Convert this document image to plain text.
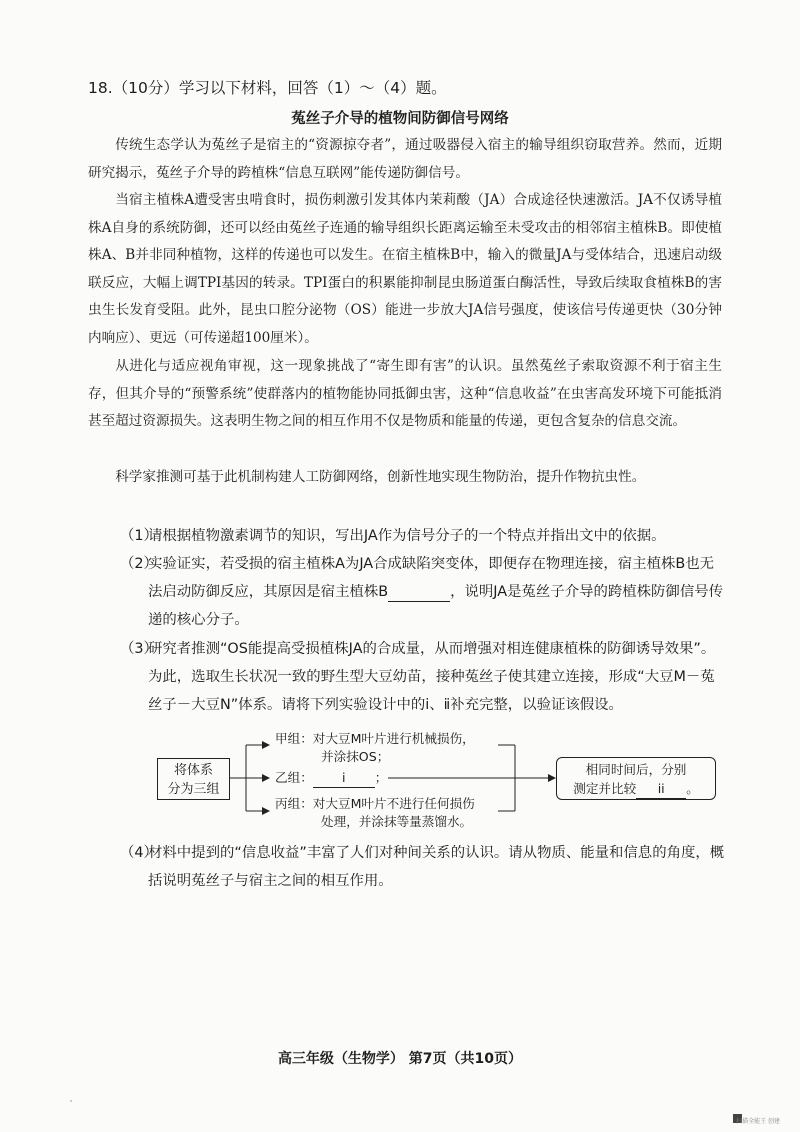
18.（10分）学习以下材料，回答（1）～（4）题。
菟丝子介导的植物间防御信号网络

传统生态学认为菟丝子是宿主的“资源掠夺者”，通过吸器侵入宿主的输导组织窃取营养。然而，近期研究揭示，菟丝子介导的跨植株“信息互联网”能传递防御信号。

当宿主植株A遭受害虫啃食时，损伤刺激引发其体内茉莉酸（JA）合成途径快速激活。JA不仅诱导植株A自身的系统防御，还可以经由菟丝子连通的输导组织长距离运输至未受攻击的相邻宿主植株B。即使植株A、B并非同种植物，这样的传递也可以发生。在宿主植株B中，输入的微量JA与受体结合，迅速启动级联反应，大幅上调TPI基因的转录。TPI蛋白的积累能抑制昆虫肠道蛋白酶活性，导致后续取食植株B的害虫生长发育受阻。此外，昆虫口腔分泌物（OS）能进一步放大JA信号强度，使该信号传递更快（30分钟内响应）、更远（可传递超100厘米）。

从进化与适应视角审视，这一现象挑战了“寄生即有害”的认识。虽然菟丝子索取资源不利于宿主生存，但其介导的“预警系统”使群落内的植物能协同抵御虫害，这种“信息收益”在虫害高发环境下可能抵消甚至超过资源损失。这表明生物之间的相互作用不仅是物质和能量的传递，更包含复杂的信息交流。

科学家推测可基于此机制构建人工防御网络，创新性地实现生物防治，提升作物抗虫性。

（1）
请根据植物激素调节的知识，写出JA作为信号分子的一个特点并指出文中的依据。
（2）
实验证实，若受损的宿主植株A为JA合成缺陷突变体，即便存在物理连接，宿主植株B也无法启动防御反应，其原因是宿主植株B	，说明JA是菟丝子介导的跨植株防御信号传递的核心分子。
（3）
研究者推测“OS能提高受损植株JA的合成量，从而增强对相连健康植株的防御诱导效果”。为此，选取生长状况一致的野生型大豆幼苗，接种菟丝子使其建立连接，形成“大豆M－菟丝子－大豆N”体系。请将下列实验设计中的ⅰ、ⅱ补充完整，以验证该假设。
将体系
分为三组
甲组：对大豆M叶片进行机械损伤，
并涂抹OS；
乙组： i ；
丙组：对大豆M叶片不进行任何损伤
处理，并涂抹等量蒸馏水。
相同时间后，分别
测定并比较 ii 。
（4）
材料中提到的“信息收益”丰富了人们对种间关系的认识。请从物质、能量和信息的角度，概括说明菟丝子与宿主之间的相互作用。
高三年级（生物学） 第7页（共10页）
扫描全能王 创建
